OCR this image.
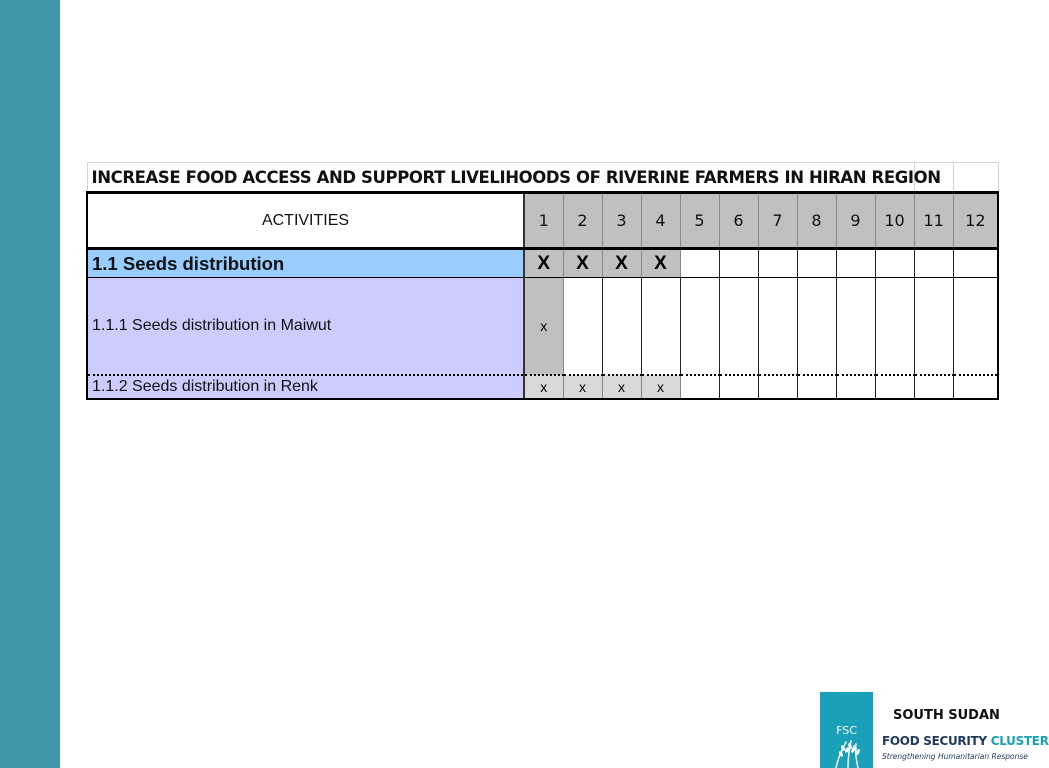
INCREASE FOOD ACCESS AND SUPPORT LIVELIHOODS OF RIVERINE FARMERS IN HIRAN REGION												
ACTIVITIES	1	2	3	4	5	6	7	8	9	10	11	12
1.1 Seeds distribution	X	X	X	X								
1.1.1 Seeds distribution in Maiwut	x											
1.1.2 Seeds distribution in Renk	x	x	x	x								
FSC
SOUTH SUDAN
FOOD SECURITY CLUSTER
Strengthening Humanitarian Response
